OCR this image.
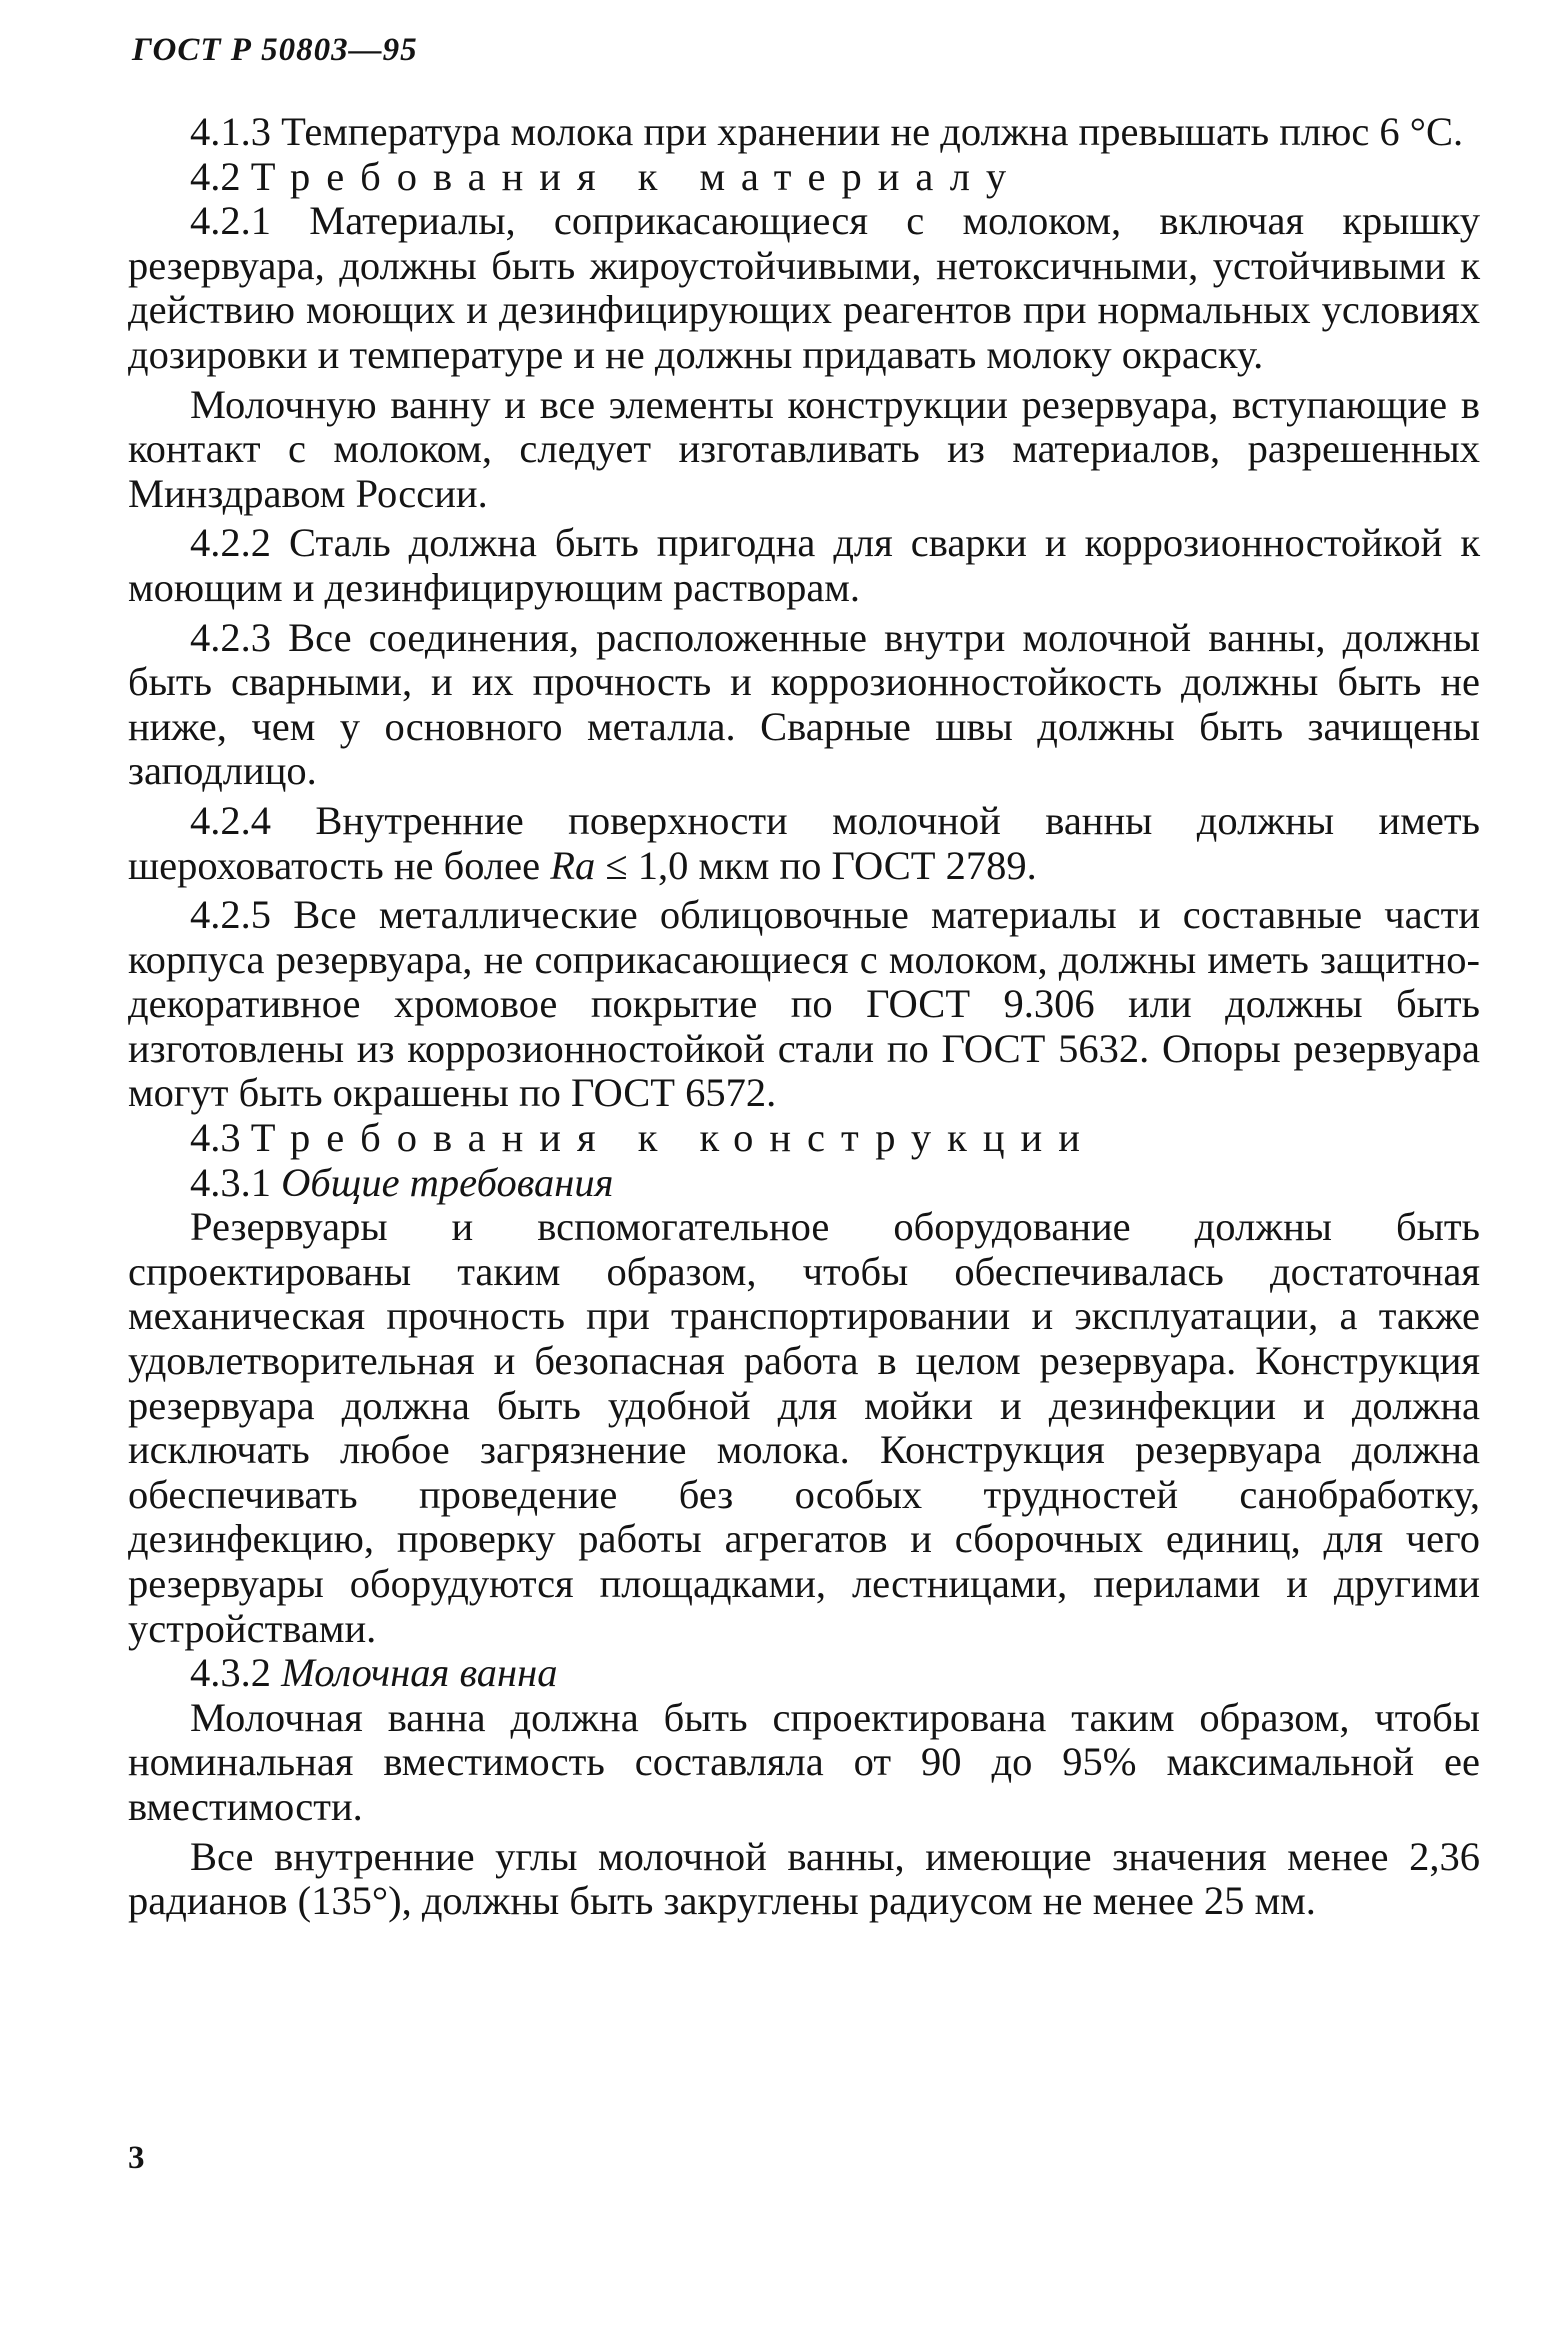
ГОСТ Р 50803—95

4.1.3 Температура молока при хранении не должна превышать плюс 6 °С.

4.2 Требования к материалу

4.2.1 Материалы, соприкасающиеся с молоком, включая крышку резервуара, должны быть жироустойчивыми, нетоксичными, устойчивыми к действию моющих и дезинфицирующих реагентов при нормальных условиях дозировки и температуре и не должны придавать молоку окраску.

Молочную ванну и все элементы конструкции резервуара, вступающие в контакт с молоком, следует изготавливать из материалов, разрешенных Минздравом России.

4.2.2 Сталь должна быть пригодна для сварки и коррозионностойкой к моющим и дезинфицирующим растворам.

4.2.3 Все соединения, расположенные внутри молочной ванны, должны быть сварными, и их прочность и коррозионностойкость должны быть не ниже, чем у основного металла. Сварные швы должны быть зачищены заподлицо.

4.2.4 Внутренние поверхности молочной ванны должны иметь шероховатость не более Ra ≤ 1,0 мкм по ГОСТ 2789.

4.2.5 Все металлические облицовочные материалы и составные части корпуса резервуара, не соприкасающиеся с молоком, должны иметь защитно-декоративное хромовое покрытие по ГОСТ 9.306 или должны быть изготовлены из коррозионностойкой стали по ГОСТ 5632. Опоры резервуара могут быть окрашены по ГОСТ 6572.

4.3 Требования к конструкции

4.3.1 Общие требования

Резервуары и вспомогательное оборудование должны быть спроектированы таким образом, чтобы обеспечивалась достаточная механическая прочность при транспортировании и эксплуатации, а также удовлетворительная и безопасная работа в целом резервуара. Конструкция резервуара должна быть удобной для мойки и дезинфекции и должна исключать любое загрязнение молока. Конструкция резервуара должна обеспечивать проведение без особых трудностей санобработку, дезинфекцию, проверку работы агрегатов и сборочных единиц, для чего резервуары оборудуются площадками, лестницами, перилами и другими устройствами.

4.3.2 Молочная ванна

Молочная ванна должна быть спроектирована таким образом, чтобы номинальная вместимость составляла от 90 до 95% максимальной ее вместимости.

Все внутренние углы молочной ванны, имеющие значения менее 2,36 радианов (135°), должны быть закруглены радиусом не менее 25 мм.

3
